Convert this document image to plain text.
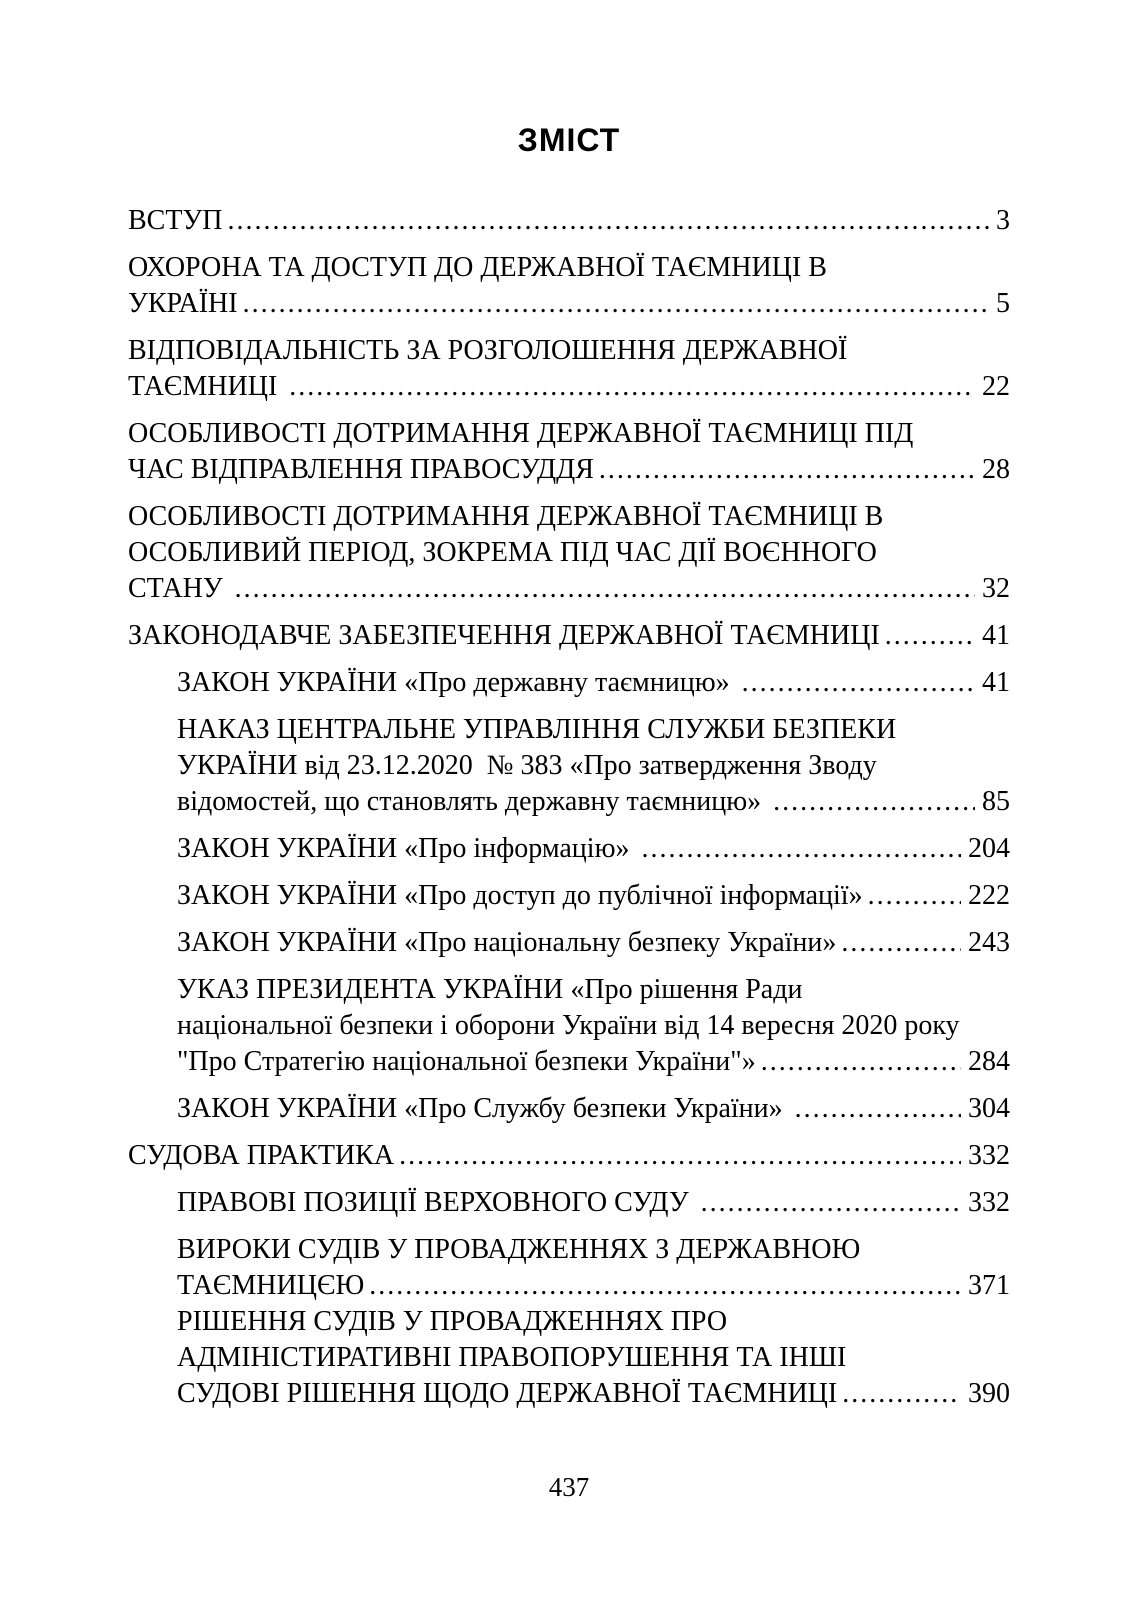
ЗМІСТ
ВСТУП .....	3
ОХОРОНА ТА ДОСТУП ДО ДЕРЖАВНОЇ ТАЄМНИЦІ В
УКРАЇНІ .....	5
ВІДПОВІДАЛЬНІСТЬ ЗА РОЗГОЛОШЕННЯ ДЕРЖАВНОЇ
ТАЄМНИЦІ .....	22
ОСОБЛИВОСТІ ДОТРИМАННЯ ДЕРЖАВНОЇ ТАЄМНИЦІ ПІД
ЧАС ВІДПРАВЛЕННЯ ПРАВОСУДДЯ .....	28
ОСОБЛИВОСТІ ДОТРИМАННЯ ДЕРЖАВНОЇ ТАЄМНИЦІ В
ОСОБЛИВИЙ ПЕРІОД, ЗОКРЕМА ПІД ЧАС ДІЇ ВОЄННОГО
СТАНУ .....	32
ЗАКОНОДАВЧЕ ЗАБЕЗПЕЧЕННЯ ДЕРЖАВНОЇ ТАЄМНИЦІ .....	41
ЗАКОН УКРАЇНИ «Про державну таємницю» .....	41
НАКАЗ ЦЕНТРАЛЬНЕ УПРАВЛІННЯ СЛУЖБИ БЕЗПЕКИ
УКРАЇНИ від 23.12.2020  № 383 «Про затвердження Зводу
відомостей, що становлять державну таємницю» .....	85
ЗАКОН УКРАЇНИ «Про інформацію» .....	204
ЗАКОН УКРАЇНИ «Про доступ до публічної інформації» .....	222
ЗАКОН УКРАЇНИ «Про національну безпеку України» .....	243
УКАЗ ПРЕЗИДЕНТА УКРАЇНИ «Про рішення Ради
національної безпеки і оборони України від 14 вересня 2020 року
"Про Стратегію національної безпеки України"» .....	284
ЗАКОН УКРАЇНИ «Про Службу безпеки України» .....	304
СУДОВА ПРАКТИКА .....	332
ПРАВОВІ ПОЗИЦІЇ ВЕРХОВНОГО СУДУ .....	332
ВИРОКИ СУДІВ У ПРОВАДЖЕННЯХ З ДЕРЖАВНОЮ
ТАЄМНИЦЄЮ .....	371
РІШЕННЯ СУДІВ У ПРОВАДЖЕННЯХ ПРО
АДМІНІСТИРАТИВНІ ПРАВОПОРУШЕННЯ ТА ІНШІ
СУДОВІ РІШЕННЯ ЩОДО ДЕРЖАВНОЇ ТАЄМНИЦІ .....	390
437
